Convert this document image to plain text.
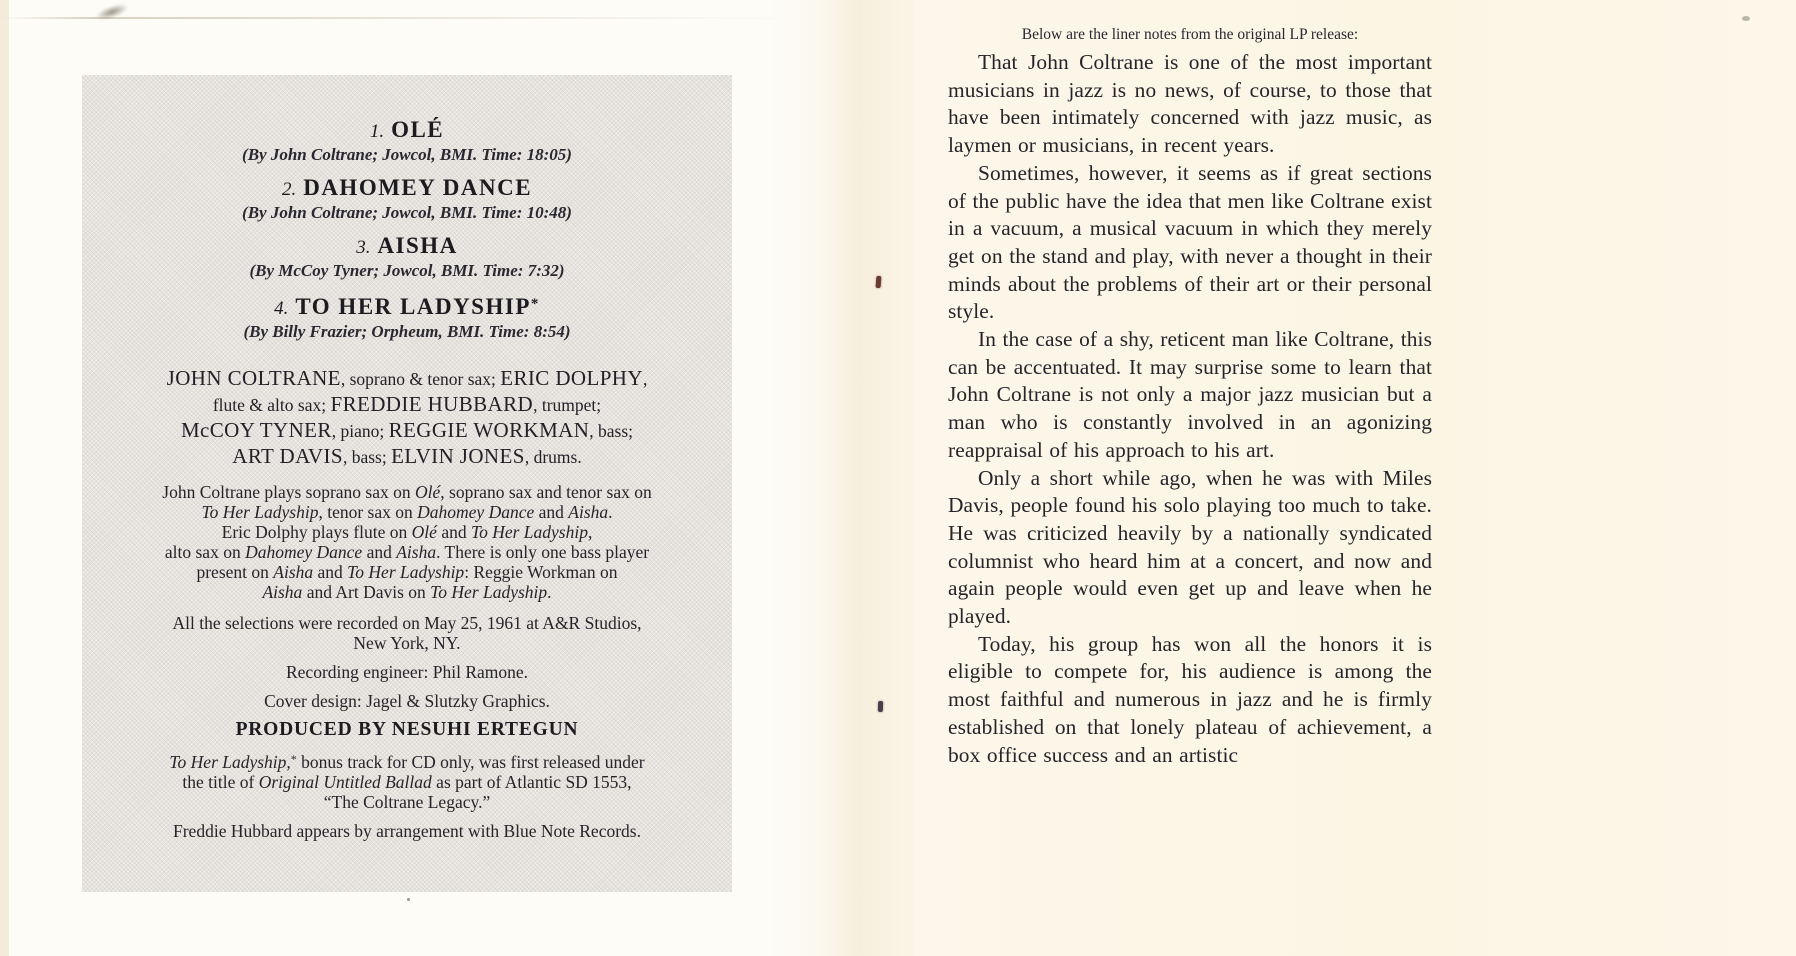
1. OLÉ
(By John Coltrane; Jowcol, BMI. Time: 18:05)
2. DAHOMEY DANCE
(By John Coltrane; Jowcol, BMI. Time: 10:48)
3. AISHA
(By McCoy Tyner; Jowcol, BMI. Time: 7:32)
4. TO HER LADYSHIP*
(By Billy Frazier; Orpheum, BMI. Time: 8:54)
JOHN COLTRANE, soprano & tenor sax; ERIC DOLPHY,
flute & alto sax; FREDDIE HUBBARD, trumpet;
McCOY TYNER, piano; REGGIE WORKMAN, bass;
ART DAVIS, bass; ELVIN JONES, drums.
John Coltrane plays soprano sax on Olé, soprano sax and tenor sax on
To Her Ladyship, tenor sax on Dahomey Dance and Aisha.
Eric Dolphy plays flute on Olé and To Her Ladyship,
alto sax on Dahomey Dance and Aisha. There is only one bass player
present on Aisha and To Her Ladyship: Reggie Workman on
Aisha and Art Davis on To Her Ladyship.
All the selections were recorded on May 25, 1961 at A&R Studios,
New York, NY.

Recording engineer: Phil Ramone.

Cover design: Jagel & Slutzky Graphics.

PRODUCED BY NESUHI ERTEGUN

To Her Ladyship,* bonus track for CD only, was first released under
the title of Original Untitled Ballad as part of Atlantic SD 1553,
“The Coltrane Legacy.”

Freddie Hubbard appears by arrangement with Blue Note Records.

Below are the liner notes from the original LP release:

That John Coltrane is one of the most important musicians in jazz is no news, of course, to those that have been intimately concerned with jazz music, as laymen or musicians, in recent years.

Sometimes, however, it seems as if great sections of the public have the idea that men like Coltrane exist in a vacuum, a musical vacuum in which they merely get on the stand and play, with never a thought in their minds about the problems of their art or their personal style.

In the case of a shy, reticent man like Coltrane, this can be accentuated. It may surprise some to learn that John Coltrane is not only a major jazz musician but a man who is constantly involved in an agonizing reappraisal of his approach to his art.

Only a short while ago, when he was with Miles Davis, people found his solo playing too much to take. He was criticized heavily by a nationally syndicated columnist who heard him at a concert, and now and again people would even get up and leave when he played.

Today, his group has won all the honors it is eligible to compete for, his audience is among the most faithful and numerous in jazz and he is firmly established on that lonely plateau of achievement, a box office success and an artistic
